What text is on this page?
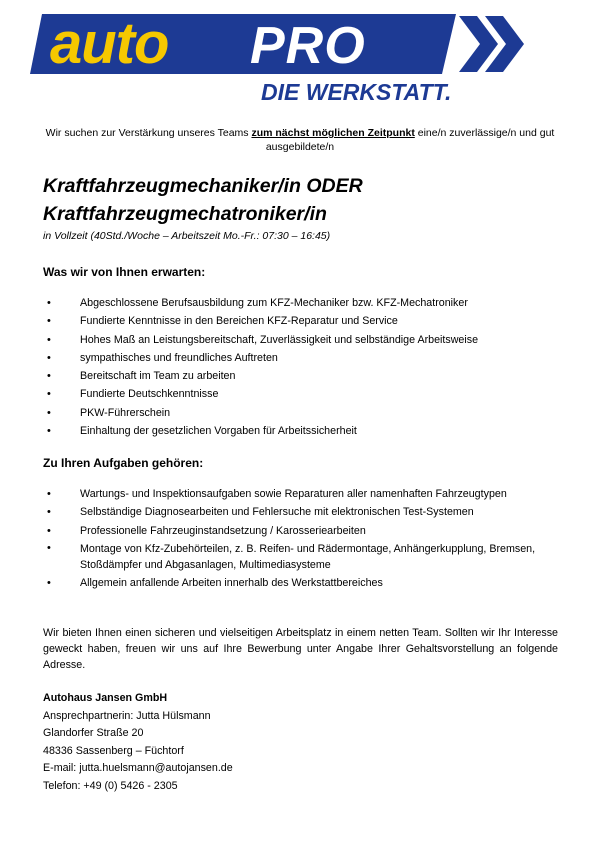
auto PRO
DIE WERKSTATT.
Wir suchen zur Verstärkung unseres Teams zum nächst möglichen Zeitpunkt eine/n zuverlässige/n und gut ausgebildete/n
Kraftfahrzeugmechaniker/in ODER
Kraftfahrzeugmechatroniker/in
in Vollzeit (40Std./Woche – Arbeitszeit Mo.-Fr.: 07:30 – 16:45)
Was wir von Ihnen erwarten:
• Abgeschlossene Berufsausbildung zum KFZ-Mechaniker bzw. KFZ-Mechatroniker
• Fundierte Kenntnisse in den Bereichen KFZ-Reparatur und Service
• Hohes Maß an Leistungsbereitschaft, Zuverlässigkeit und selbständige Arbeitsweise
• sympathisches und freundliches Auftreten
• Bereitschaft im Team zu arbeiten
• Fundierte Deutschkenntnisse
• PKW-Führerschein
• Einhaltung der gesetzlichen Vorgaben für Arbeitssicherheit
Zu Ihren Aufgaben gehören:
• Wartungs- und Inspektionsaufgaben sowie Reparaturen aller namenhaften Fahrzeugtypen
• Selbständige Diagnosearbeiten und Fehlersuche mit elektronischen Test-Systemen
• Professionelle Fahrzeuginstandsetzung / Karosseriearbeiten
• Montage von Kfz-Zubehörteilen, z. B. Reifen- und Rädermontage, Anhängerkupplung, Bremsen, Stoßdämpfer und Abgasanlagen, Multimediasysteme
• Allgemein anfallende Arbeiten innerhalb des Werkstattbereiches
Wir bieten Ihnen einen sicheren und vielseitigen Arbeitsplatz in einem netten Team. Sollten wir Ihr Interesse geweckt haben, freuen wir uns auf Ihre Bewerbung unter Angabe Ihrer Gehaltsvorstellung an folgende Adresse.
Autohaus Jansen GmbH
Ansprechpartnerin: Jutta Hülsmann
Glandorfer Straße 20
48336 Sassenberg – Füchtorf
E-mail: jutta.huelsmann@autojansen.de
Telefon: +49 (0) 5426 - 2305
